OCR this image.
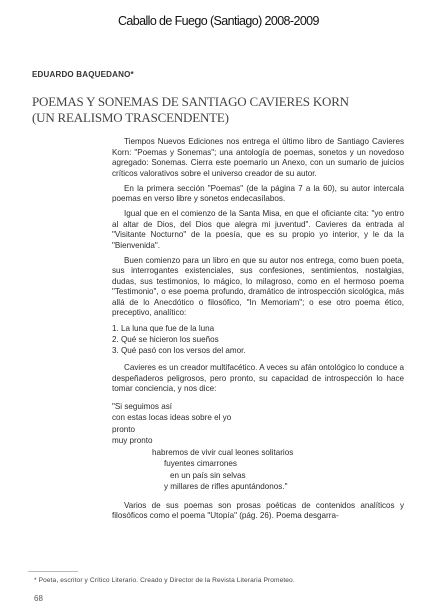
Caballo de Fuego (Santiago) 2008-2009
EDUARDO BAQUEDANO*
POEMAS Y SONEMAS DE SANTIAGO CAVIERES KORN
(UN REALISMO TRASCENDENTE)

Tiempos Nuevos Ediciones nos entrega el último libro de Santiago Cavieres Korn: "Poemas y Sonemas"; una antología de poemas, sonetos y un novedoso agregado: Sonemas. Cierra este poemario un Anexo, con un sumario de juicios críticos valorativos sobre el universo creador de su autor.

En la primera sección "Poemas" (de la página 7 a la 60), su autor intercala poemas en verso libre y sonetos endecasílabos.

Igual que en el comienzo de la Santa Misa, en que el oficiante cita: "yo entro al altar de Dios, del Dios que alegra mi juventud". Cavieres da entrada al "Visitante Nocturno" de la poesía, que es su propio yo interior, y le da la "Bienvenida".

Buen comienzo para un libro en que su autor nos entrega, como buen poeta, sus interrogantes existenciales, sus confesiones, sentimientos, nostalgias, dudas, sus testimonios, lo mágico, lo milagroso, como en el hermoso poema "Testimonio", o ese poema profundo, dramático de introspección sicológica, más allá de lo Anecdótico o filosófico, "In Memoriam"; o ese otro poema ético, preceptivo, analítico:

1. La luna que fue de la luna
2. Qué se hicieron los sueños
3. Qué pasó con los versos del amor.

Cavieres es un creador multifacético. A veces su afán ontológico lo conduce a despeñaderos peligrosos, pero pronto, su capacidad de introspección lo hace tomar conciencia, y nos dice:

"Si seguimos así
con estas locas ideas sobre el yo
pronto
muy pronto
habremos de vivir cual leones solitarios
fuyentes cimarrones
en un país sin selvas
y millares de rifles apuntándonos."

Varios de sus poemas son prosas poéticas de contenidos analíticos y filosóficos como el poema "Utopía" (pág. 26). Poema desgarra-

* Poeta, escritor y Crítico Literario. Creado y Director de la Revista Literaria Prometeo.
68
